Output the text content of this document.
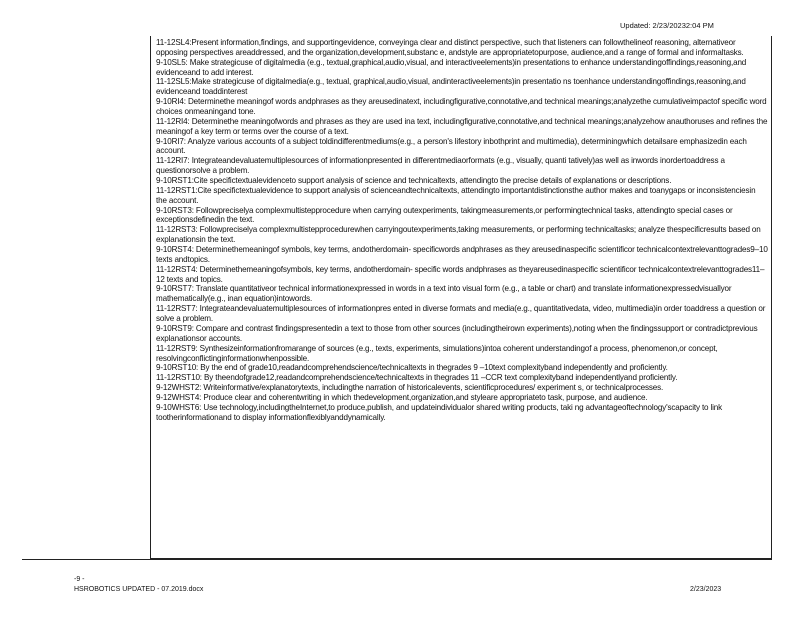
Updated: 2/23/20232:04 PM

11-12SL4:Present information,findings, and supportingevidence, conveyinga clear and distinct perspective, such that listeners can followthelineof reasoning, alternativeor opposing perspectives areaddressed, and the organization,development,substanc e, andstyle are appropriatetopurpose, audience,and a range of formal and informaltasks.

9-10SL5: Make strategicuse of digitalmedia (e.g., textual,graphical,audio,visual, and interactiveelements)in presentations to enhance understandingoffindings,reasoning,and evidenceand to add interest.

11-12SL5:Make strategicuse of digitalmedia(e.g., textual, graphical,audio,visual, andinteractiveelements)in presentatio ns toenhance understandingoffindings,reasoning,and evidenceand toaddinterest

9-10RI4: Determinethe meaningof words andphrases as they areusedinatext, includingfigurative,connotative,and technical meanings;analyzethe cumulativeimpactof specific word choices onmeaningand tone.

11-12RI4: Determinethe meaningofwords and phrases as they are used ina text, includingfigurative,connotative,and technical meanings;analyzehow anauthoruses and refines the meaningof a key term or terms over the course of a text.

9-10RI7: Analyze various accounts of a subject toldindifferentmediums(e.g., a person's lifestory inbothprint and multimedia), determiningwhich detailsare emphasizedin each account.

11-12RI7: Integrateandevaluatemultiplesources of informationpresented in differentmediaorformats (e.g., visually, quanti tatively)as well as inwords inordertoaddress a questionorsolve a problem.

9-10RST1:Cite specifictextualevidenceto support analysis of science and technicaltexts, attendingto the precise details of explanations or descriptions.

11-12RST1:Cite specifictextualevidence to support analysis of scienceandtechnicaltexts, attendingto importantdistinctionsthe author makes and toanygaps or inconsistenciesin the account.

9-10RST3: Followpreciselya complexmultistepprocedure when carrying outexperiments, takingmeasurements,or performingtechnical tasks, attendingto special cases or exceptionsdefinedin the text.

11-12RST3: Followpreciselya complexmultistepprocedurewhen carryingoutexperiments,taking measurements, or performing technicaltasks; analyze thespecificresults based on explanationsin the text.

9-10RST4: Determinethemeaningof symbols, key terms, andotherdomain- specificwords andphrases as they areusedinaspecific scientificor technicalcontextrelevanttogrades9–10 texts andtopics.

11-12RST4: Determinethemeaningofsymbols, key terms, andotherdomain- specific words andphrases as theyareusedinaspecific scientificor technicalcontextrelevanttogrades11–12 texts and topics.

9-10RST7: Translate quantitativeor technical informationexpressed in words in a text into visual form (e.g., a table or chart) and translate informationexpressedvisuallyor mathematically(e.g., inan equation)intowords.

11-12RST7: Integrateandevaluatemultiplesources of informationpres ented in diverse formats and media(e.g., quantitativedata, video, multimedia)in order toaddress a question or solve a problem.

9-10RST9: Compare and contrast findingspresentedin a text to those from other sources (includingtheirown experiments),noting when the findingssupport or contradictprevious explanationsor accounts.

11-12RST9: Synthesizeinformationfromarange of sources (e.g., texts, experiments, simulations)intoa coherent understandingof a process, phenomenon,or concept, resolvingconflictinginformationwhenpossible.

9-10RST10: By the end of grade10,readandcomprehendscience/technicaltexts in thegrades 9 –10text complexityband independently and proficiently.

11-12RST10: By theendofgrade12,readandcomprehendscience/technicaltexts in thegrades 11 –CCR text complexityband independentlyand proficiently.

9-12WHST2: Writeinformative/explanatorytexts, includingthe narration of historicalevents, scientificprocedures/ experiment s, or technicalprocesses.

9-12WHST4: Produce clear and coherentwriting in which thedevelopment,organization,and styleare appropriateto task, purpose, and audience.

9-10WHST6: Use technology,includingtheInternet,to produce,publish, and updateindividualor shared writing products, taki ng advantageoftechnology'scapacity to link tootherinformationand to display informationflexiblyanddynamically.

-9 -
HSROBOTICS UPDATED - 07.2019.docx	2/23/2023
